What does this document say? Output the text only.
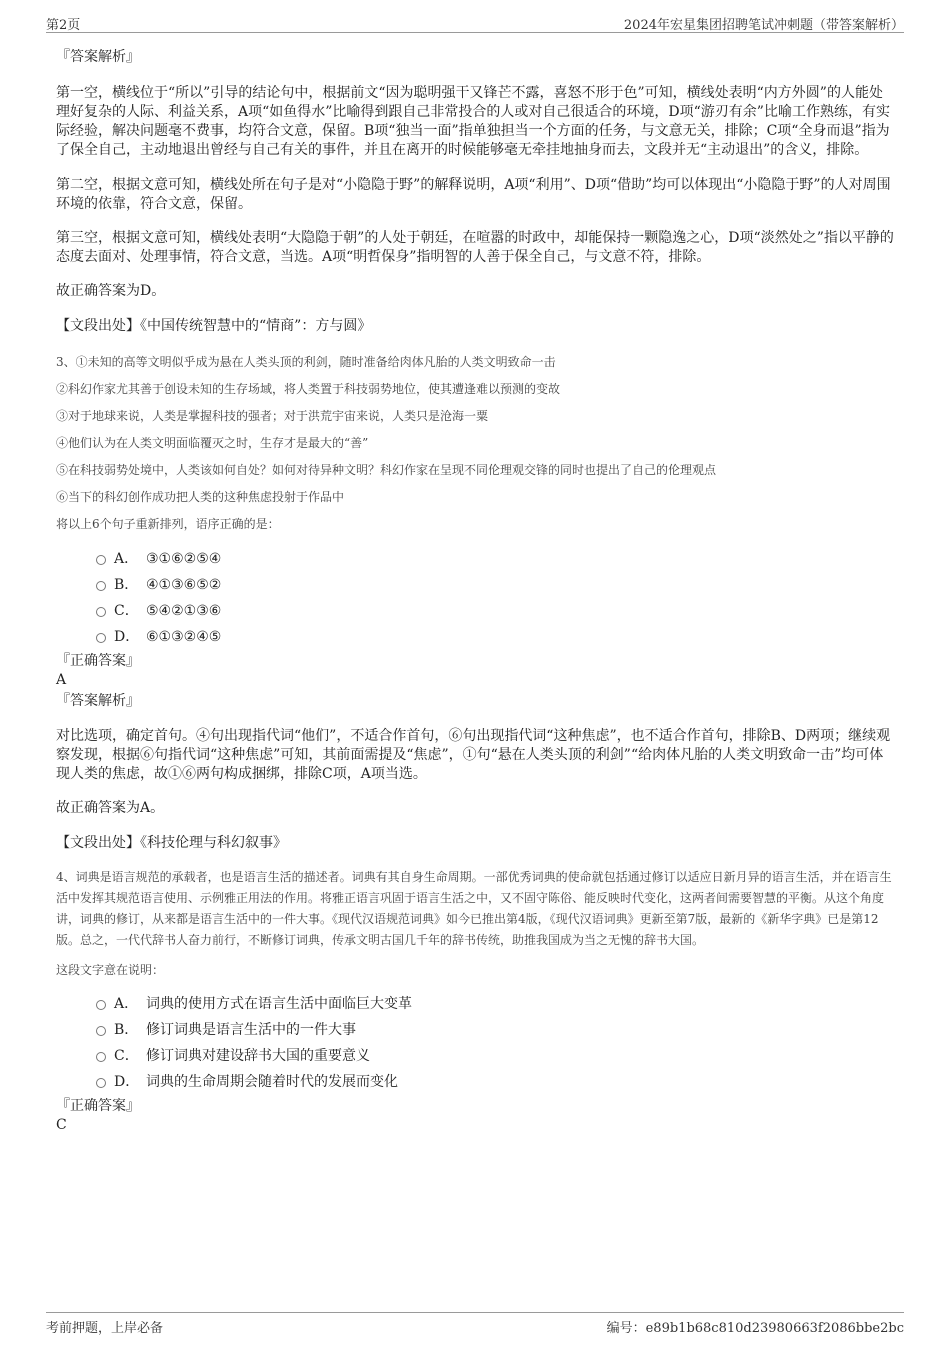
第2页	2024年宏星集团招聘笔试冲刺题（带答案解析）

『答案解析』

第一空，横线位于“所以”引导的结论句中，根据前文“因为聪明强干又锋芒不露，喜怒不形于色”可知，横线处表明“内方外圆”的人能处理好复杂的人际、利益关系，A项“如鱼得水”比喻得到跟自己非常投合的人或对自己很适合的环境，D项“游刃有余”比喻工作熟练，有实际经验，解决问题毫不费事，均符合文意，保留。B项“独当一面”指单独担当一个方面的任务，与文意无关，排除；C项“全身而退”指为了保全自己，主动地退出曾经与自己有关的事件，并且在离开的时候能够毫无牵挂地抽身而去，文段并无“主动退出”的含义，排除。

第二空，根据文意可知，横线处所在句子是对“小隐隐于野”的解释说明，A项“利用”、D项“借助”均可以体现出“小隐隐于野”的人对周围环境的依靠，符合文意，保留。

第三空，根据文意可知，横线处表明“大隐隐于朝”的人处于朝廷，在喧嚣的时政中，却能保持一颗隐逸之心，D项“淡然处之”指以平静的态度去面对、处理事情，符合文意，当选。A项“明哲保身”指明智的人善于保全自己，与文意不符，排除。

故正确答案为D。

【文段出处】《中国传统智慧中的“情商”：方与圆》

3、①未知的高等文明似乎成为悬在人类头顶的利剑，随时准备给肉体凡胎的人类文明致命一击

②科幻作家尤其善于创设未知的生存场域，将人类置于科技弱势地位，使其遭逢难以预测的变故

③对于地球来说，人类是掌握科技的强者；对于洪荒宇宙来说，人类只是沧海一粟

④他们认为在人类文明面临覆灭之时，生存才是最大的“善”

⑤在科技弱势处境中，人类该如何自处？如何对待异种文明？科幻作家在呈现不同伦理观交锋的同时也提出了自己的伦理观点

⑥当下的科幻创作成功把人类的这种焦虑投射于作品中

将以上6个句子重新排列，语序正确的是：

A． ③①⑥②⑤④
B． ④①③⑥⑤②
C． ⑤④②①③⑥
D． ⑥①③②④⑤

『正确答案』

A

『答案解析』

对比选项，确定首句。④句出现指代词“他们”，不适合作首句，⑥句出现指代词“这种焦虑”，也不适合作首句，排除B、D两项；继续观察发现，根据⑥句指代词“这种焦虑”可知，其前面需提及“焦虑”，①句“悬在人类头顶的利剑”“给肉体凡胎的人类文明致命一击”均可体现人类的焦虑，故①⑥两句构成捆绑，排除C项，A项当选。

故正确答案为A。

【文段出处】《科技伦理与科幻叙事》

4、词典是语言规范的承载者，也是语言生活的描述者。词典有其自身生命周期。一部优秀词典的使命就包括通过修订以适应日新月异的语言生活，并在语言生活中发挥其规范语言使用、示例雅正用法的作用。将雅正语言巩固于语言生活之中，又不固守陈俗、能反映时代变化，这两者间需要智慧的平衡。从这个角度讲，词典的修订，从来都是语言生活中的一件大事。《现代汉语规范词典》如今已推出第4版，《现代汉语词典》更新至第7版，最新的《新华字典》已是第12版。总之，一代代辞书人奋力前行，不断修订词典，传承文明古国几千年的辞书传统，助推我国成为当之无愧的辞书大国。

这段文字意在说明：

A． 词典的使用方式在语言生活中面临巨大变革
B． 修订词典是语言生活中的一件大事
C． 修订词典对建设辞书大国的重要意义
D． 词典的生命周期会随着时代的发展而变化

『正确答案』

C

考前押题，上岸必备	编号：e89b1b68c810d23980663f2086bbe2bc
